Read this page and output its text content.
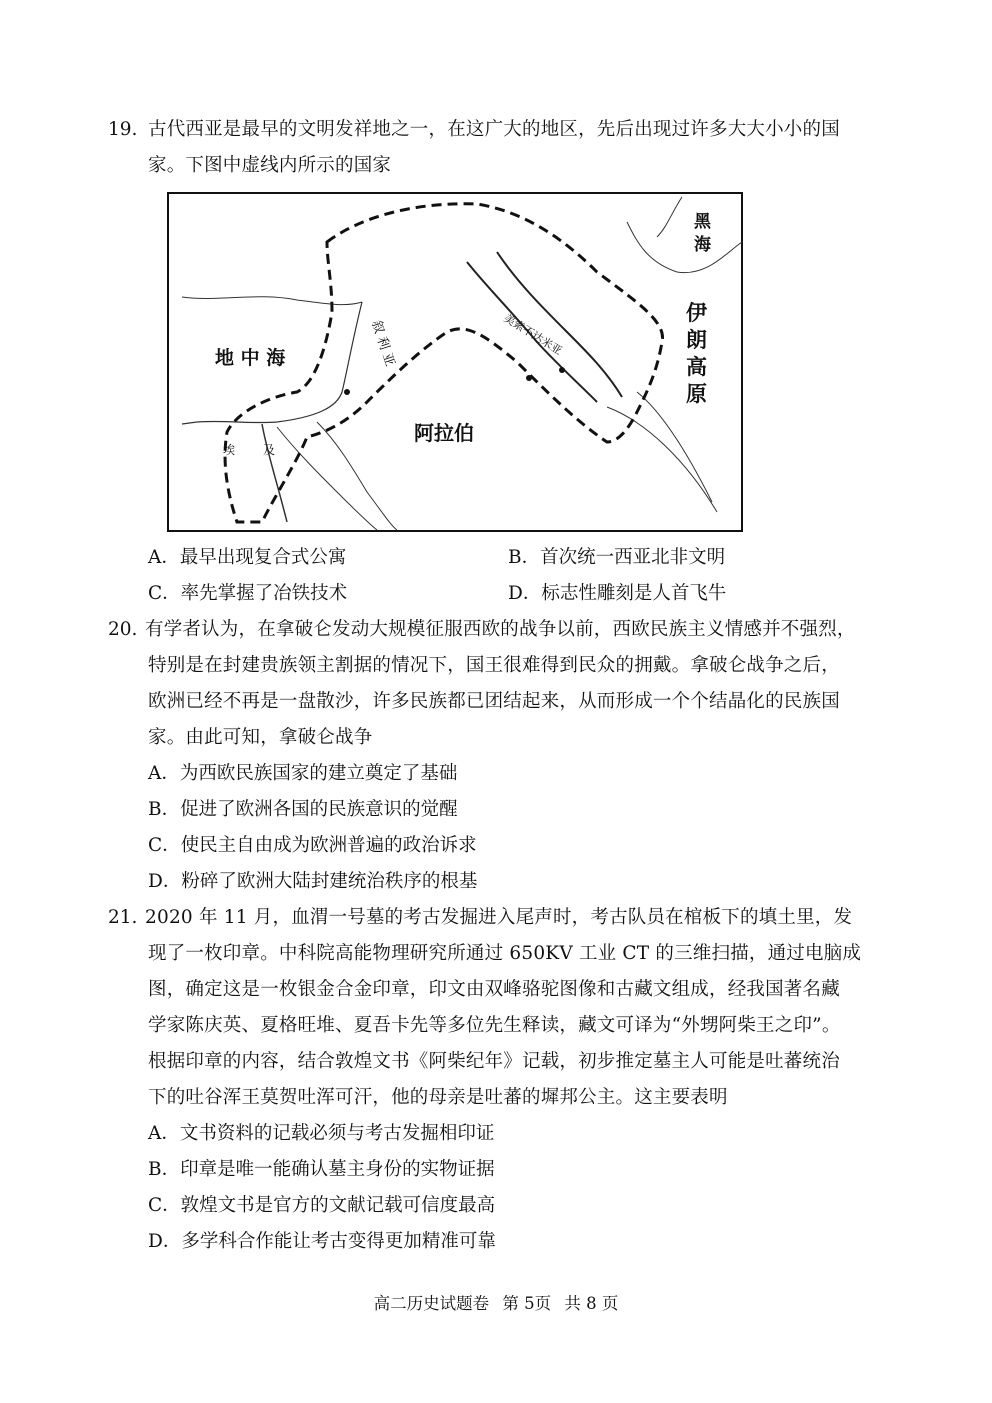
19. 古代西亚是最早的文明发祥地之一，在这广大的地区，先后出现过许多大大小小的国
家。下图中虚线内所示的国家
黑
海
伊
朗
高
原
地 中 海
阿拉伯
叙 利 亚	美索不达米亚
埃 及
A．最早出现复合式公寓	B．首次统一西亚北非文明
C．率先掌握了冶铁技术	D．标志性雕刻是人首飞牛
20. 有学者认为，在拿破仑发动大规模征服西欧的战争以前，西欧民族主义情感并不强烈，
特别是在封建贵族领主割据的情况下，国王很难得到民众的拥戴。拿破仑战争之后，
欧洲已经不再是一盘散沙，许多民族都已团结起来，从而形成一个个结晶化的民族国
家。由此可知，拿破仑战争
A．为西欧民族国家的建立奠定了基础
B．促进了欧洲各国的民族意识的觉醒
C．使民主自由成为欧洲普遍的政治诉求
D．粉碎了欧洲大陆封建统治秩序的根基
21. 2020 年 11 月，血渭一号墓的考古发掘进入尾声时，考古队员在棺板下的填土里，发
现了一枚印章。中科院高能物理研究所通过 650KV 工业 CT 的三维扫描，通过电脑成
图，确定这是一枚银金合金印章，印文由双峰骆驼图像和古藏文组成，经我国著名藏
学家陈庆英、夏格旺堆、夏吾卡先等多位先生释读，藏文可译为“外甥阿柴王之印”。
根据印章的内容，结合敦煌文书《阿柴纪年》记载，初步推定墓主人可能是吐蕃统治
下的吐谷浑王莫贺吐浑可汗，他的母亲是吐蕃的墀邦公主。这主要表明
A．文书资料的记载必须与考古发掘相印证
B．印章是唯一能确认墓主身份的实物证据
C．敦煌文书是官方的文献记载可信度最高
D．多学科合作能让考古变得更加精准可靠
高二历史试题卷 第 5页 共 8 页
